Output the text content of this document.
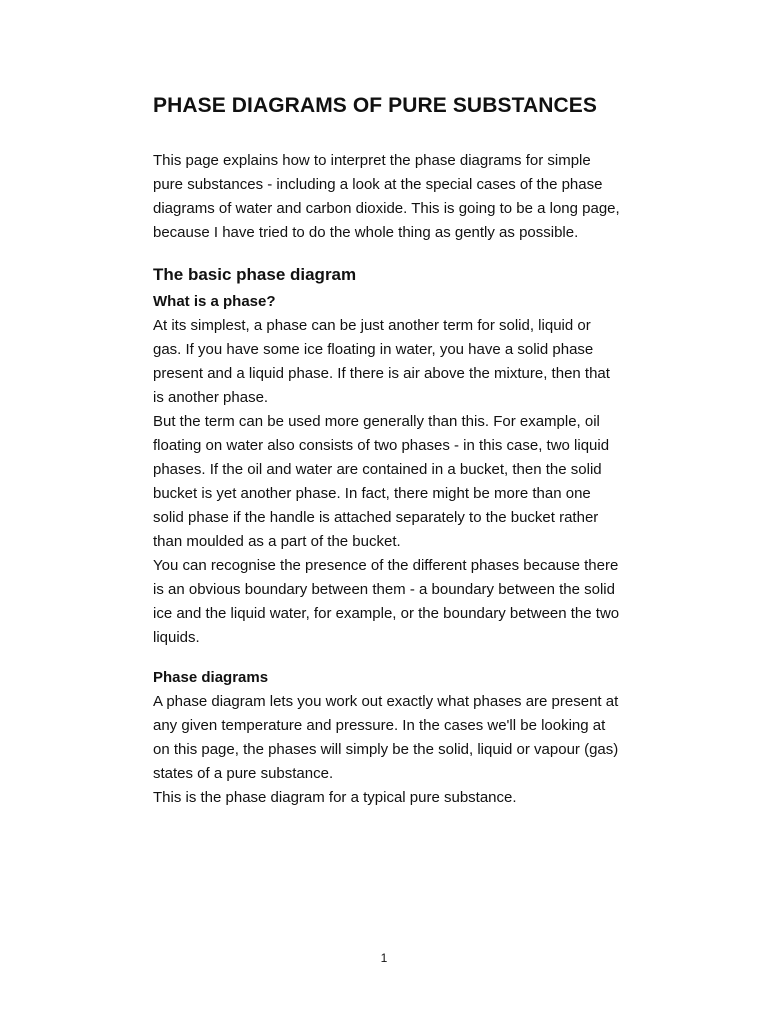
PHASE DIAGRAMS OF PURE SUBSTANCES

This page explains how to interpret the phase diagrams for simple pure substances - including a look at the special cases of the phase diagrams of water and carbon dioxide. This is going to be a long page, because I have tried to do the whole thing as gently as possible.

The basic phase diagram
What is a phase?

At its simplest, a phase can be just another term for solid, liquid or gas. If you have some ice floating in water, you have a solid phase present and a liquid phase. If there is air above the mixture, then that is another phase.

But the term can be used more generally than this. For example, oil floating on water also consists of two phases - in this case, two liquid phases. If the oil and water are contained in a bucket, then the solid bucket is yet another phase. In fact, there might be more than one solid phase if the handle is attached separately to the bucket rather than moulded as a part of the bucket.

You can recognise the presence of the different phases because there is an obvious boundary between them - a boundary between the solid ice and the liquid water, for example, or the boundary between the two liquids.

Phase diagrams

A phase diagram lets you work out exactly what phases are present at any given temperature and pressure. In the cases we'll be looking at on this page, the phases will simply be the solid, liquid or vapour (gas) states of a pure substance.

This is the phase diagram for a typical pure substance.

1
